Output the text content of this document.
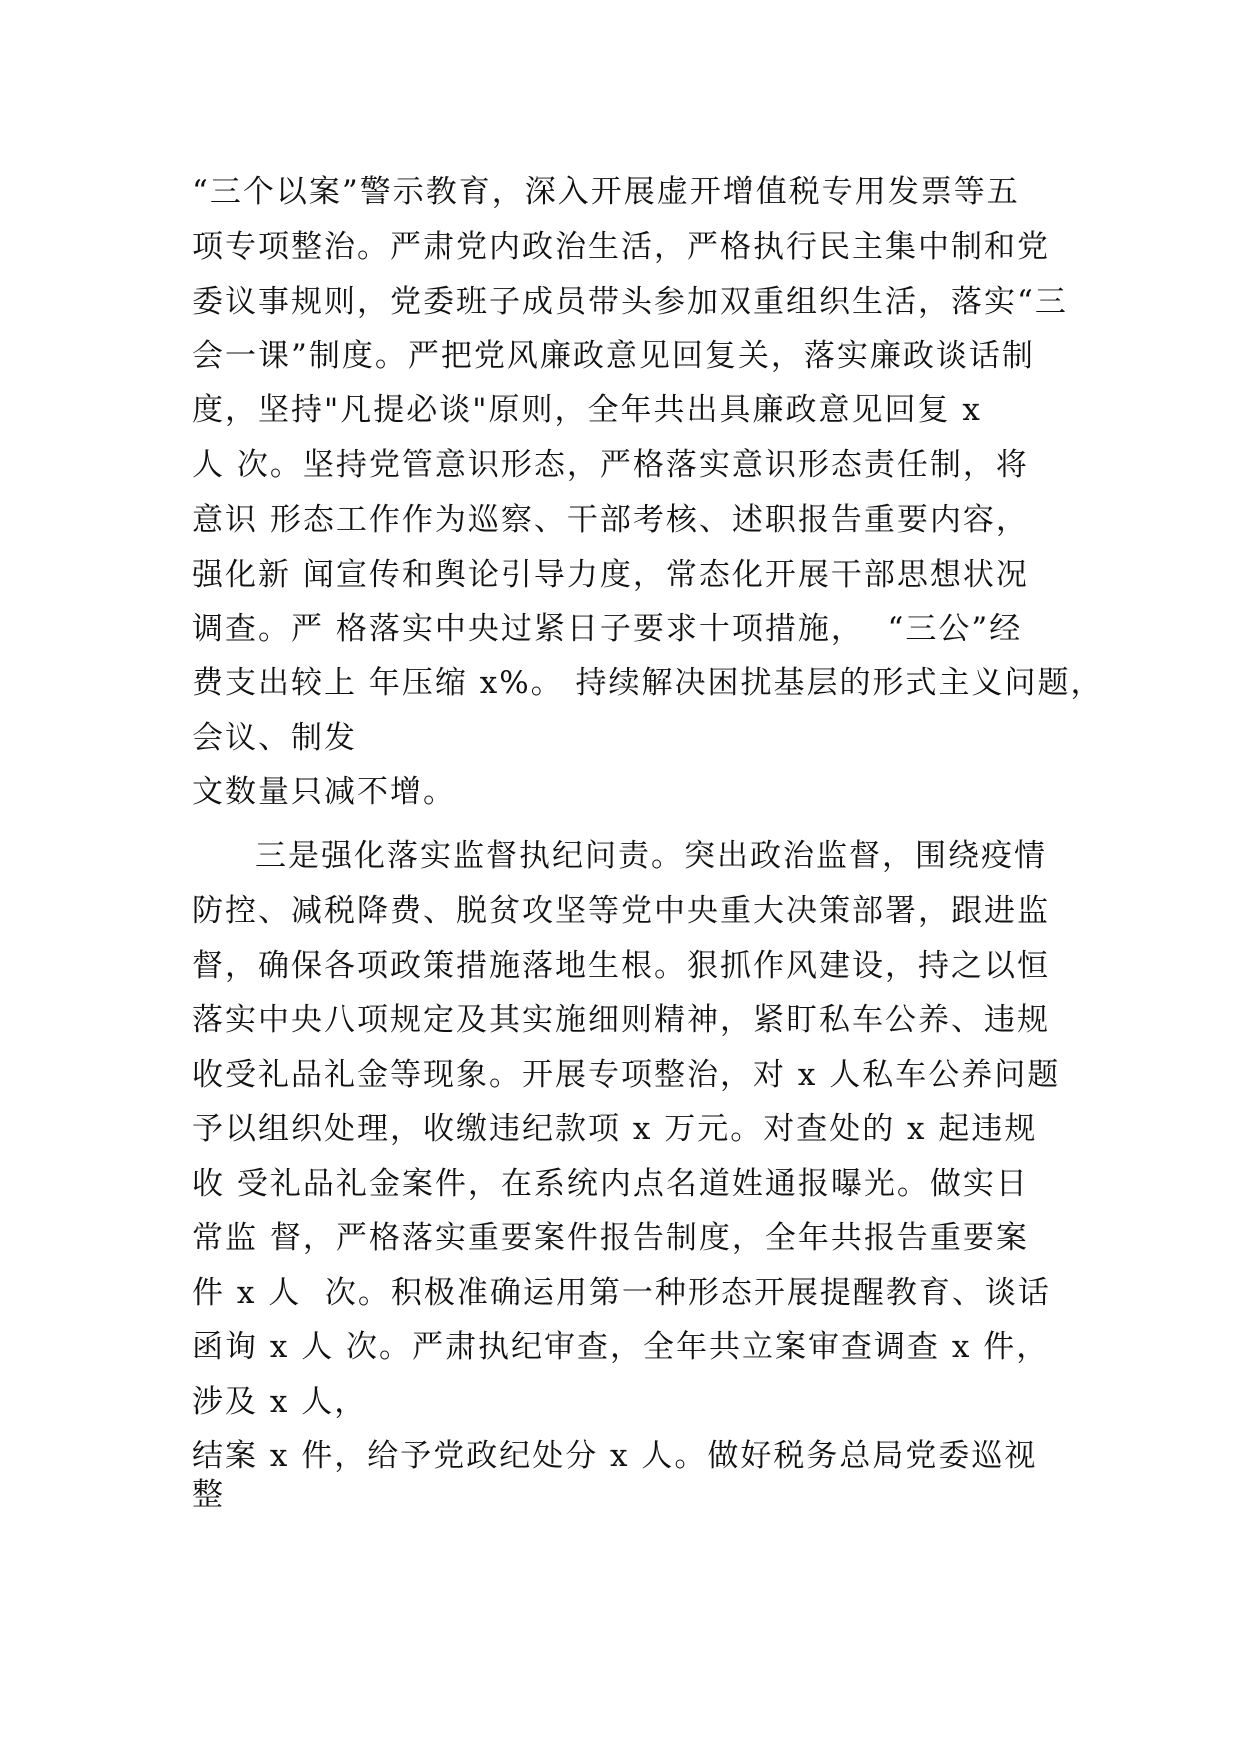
“三个以案”警示教育，深入开展虚开增值税专用发票等五

项专项整治。严肃党内政治生活，严格执行民主集中制和党

委议事规则，党委班子成员带头参加双重组织生活，落实“三

会一课”制度。严把党风廉政意见回复关，落实廉政谈话制

度，坚持"凡提必谈"原则，全年共出具廉政意见回复 x

人 次。坚持党管意识形态，严格落实意识形态责任制，将

意识 形态工作作为巡察、干部考核、述职报告重要内容，

强化新 闻宣传和舆论引导力度，常态化开展干部思想状况

调查。严 格落实中央过紧日子要求十项措施，  “三公”经

费支出较上 年压缩 x%。 持续解决困扰基层的形式主义问题，

会议、制发

文数量只减不增。

三是强化落实监督执纪问责。突出政治监督，围绕疫情

防控、减税降费、脱贫攻坚等党中央重大决策部署，跟进监

督，确保各项政策措施落地生根。狠抓作风建设，持之以恒

落实中央八项规定及其实施细则精神，紧盯私车公养、违规

收受礼品礼金等现象。开展专项整治，对 x 人私车公养问题

予以组织处理，收缴违纪款项 x 万元。对查处的 x 起违规

收 受礼品礼金案件，在系统内点名道姓通报曝光。做实日

常监 督，严格落实重要案件报告制度，全年共报告重要案

件 x 人  次。积极准确运用第一种形态开展提醒教育、谈话

函询 x 人 次。严肃执纪审查，全年共立案审查调查 x 件，

涉及 x 人，

结案 x 件，给予党政纪处分 x 人。做好税务总局党委巡视

整
